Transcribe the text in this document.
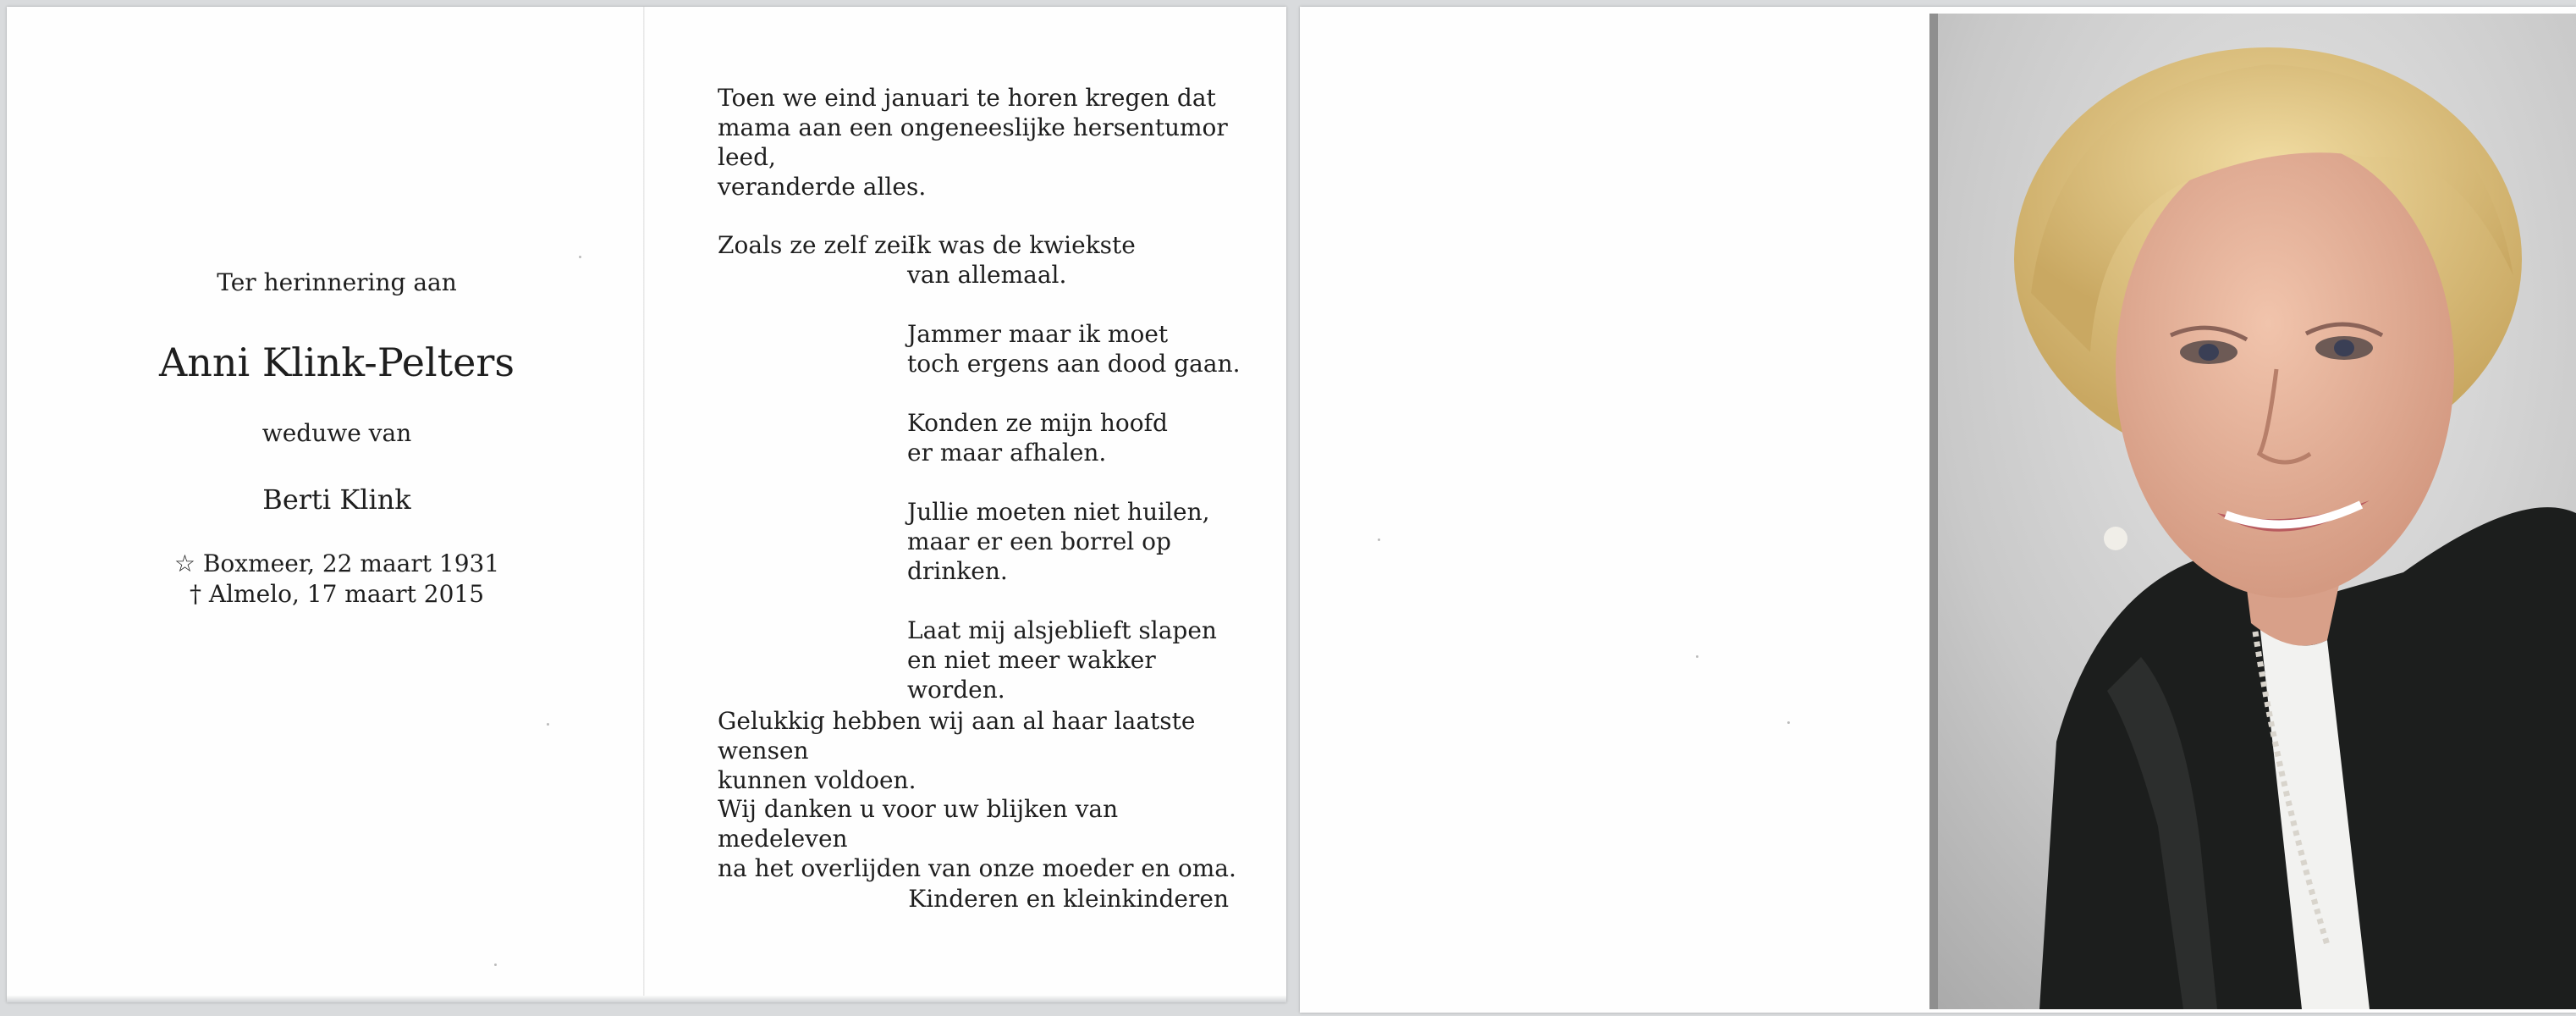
Ter herinnering aan
Anni Klink-Pelters
weduwe van
Berti Klink
☆ Boxmeer, 22 maart 1931
† Almelo, 17 maart 2015

Toen we eind januari te horen kregen dat

mama aan een ongeneeslijke hersentumor leed,

veranderde alles.

Zoals ze zelf zei:

Ik was de kwiekste

van allemaal.

Jammer maar ik moet

toch ergens aan dood gaan.

Konden ze mijn hoofd

er maar afhalen.

Jullie moeten niet huilen,

maar er een borrel op drinken.

Laat mij alsjeblieft slapen

en niet meer wakker worden.

Gelukkig hebben wij aan al haar laatste wensen

kunnen voldoen.

Wij danken u voor uw blijken van medeleven

na het overlijden van onze moeder en oma.

Kinderen en kleinkinderen
